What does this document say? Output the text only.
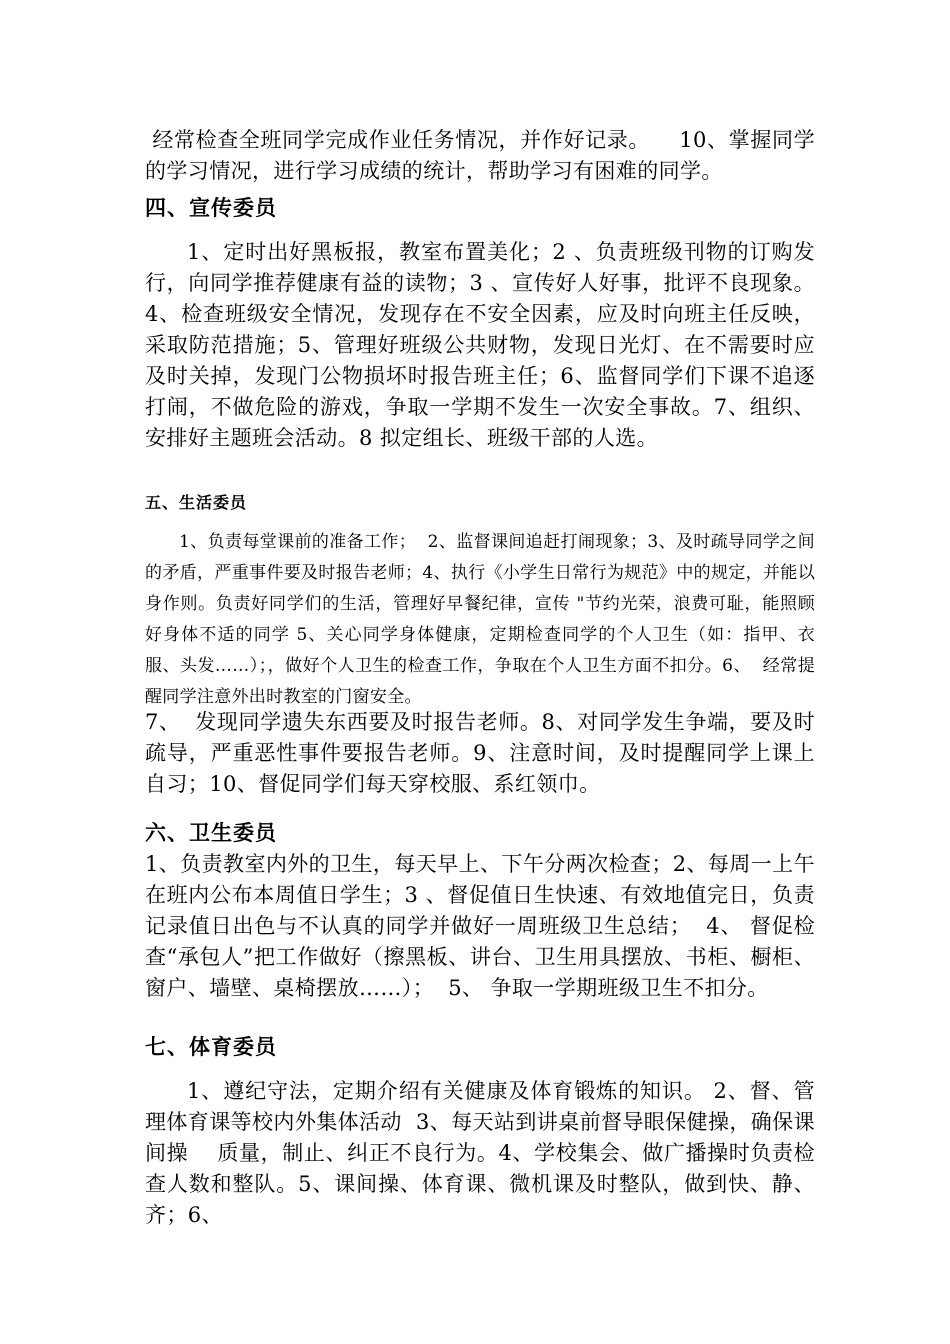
经常检查全班同学完成作业任务情况，并作好记录。    10、掌握同学的学习情况，进行学习成绩的统计，帮助学习有困难的同学。

四、宣传委员

1、定时出好黑板报，教室布置美化；2 、负责班级刊物的订购发行，向同学推荐健康有益的读物；3 、宣传好人好事，批评不良现象。4、检查班级安全情况，发现存在不安全因素，应及时向班主任反映，采取防范措施；5、管理好班级公共财物，发现日光灯、在不需要时应及时关掉，发现门公物损坏时报告班主任；6、监督同学们下课不追逐打闹，不做危险的游戏，争取一学期不发生一次安全事故。7、组织、安排好主题班会活动。8 拟定组长、班级干部的人选。

五、生活委员

1、负责每堂课前的准备工作；  2、监督课间追赶打闹现象；3、及时疏导同学之间的矛盾，严重事件要及时报告老师；4、执行《小学生日常行为规范》中的规定，并能以身作则。负责好同学们的生活，管理好早餐纪律，宣传 "节约光荣，浪费可耻，能照顾好身体不适的同学 5、关心同学身体健康，定期检查同学的个人卫生（如：指甲、衣服、头发……）；，做好个人卫生的检查工作，争取在个人卫生方面不扣分。6、  经常提醒同学注意外出时教室的门窗安全。

7、  发现同学遗失东西要及时报告老师。8、对同学发生争端，要及时疏导，严重恶性事件要报告老师。9、注意时间，及时提醒同学上课上自习；10、督促同学们每天穿校服、系红领巾。

六、卫生委员

1、负责教室内外的卫生，每天早上、下午分两次检查；2、每周一上午在班内公布本周值日学生；3 、督促值日生快速、有效地值完日，负责记录值日出色与不认真的同学并做好一周班级卫生总结；  4、 督促检查“承包人”把工作做好（擦黑板、讲台、卫生用具摆放、书柜、橱柜、窗户、墙壁、桌椅摆放……）；  5、 争取一学期班级卫生不扣分。

七、体育委员

1、遵纪守法，定期介绍有关健康及体育锻炼的知识。 2、督、管理体育课等校内外集体活动  3、每天站到讲桌前督导眼保健操，确保课间操    质量，制止、纠正不良行为。4、学校集会、做广播操时负责检查人数和整队。5、课间操、体育课、微机课及时整队，做到快、静、齐；6、
